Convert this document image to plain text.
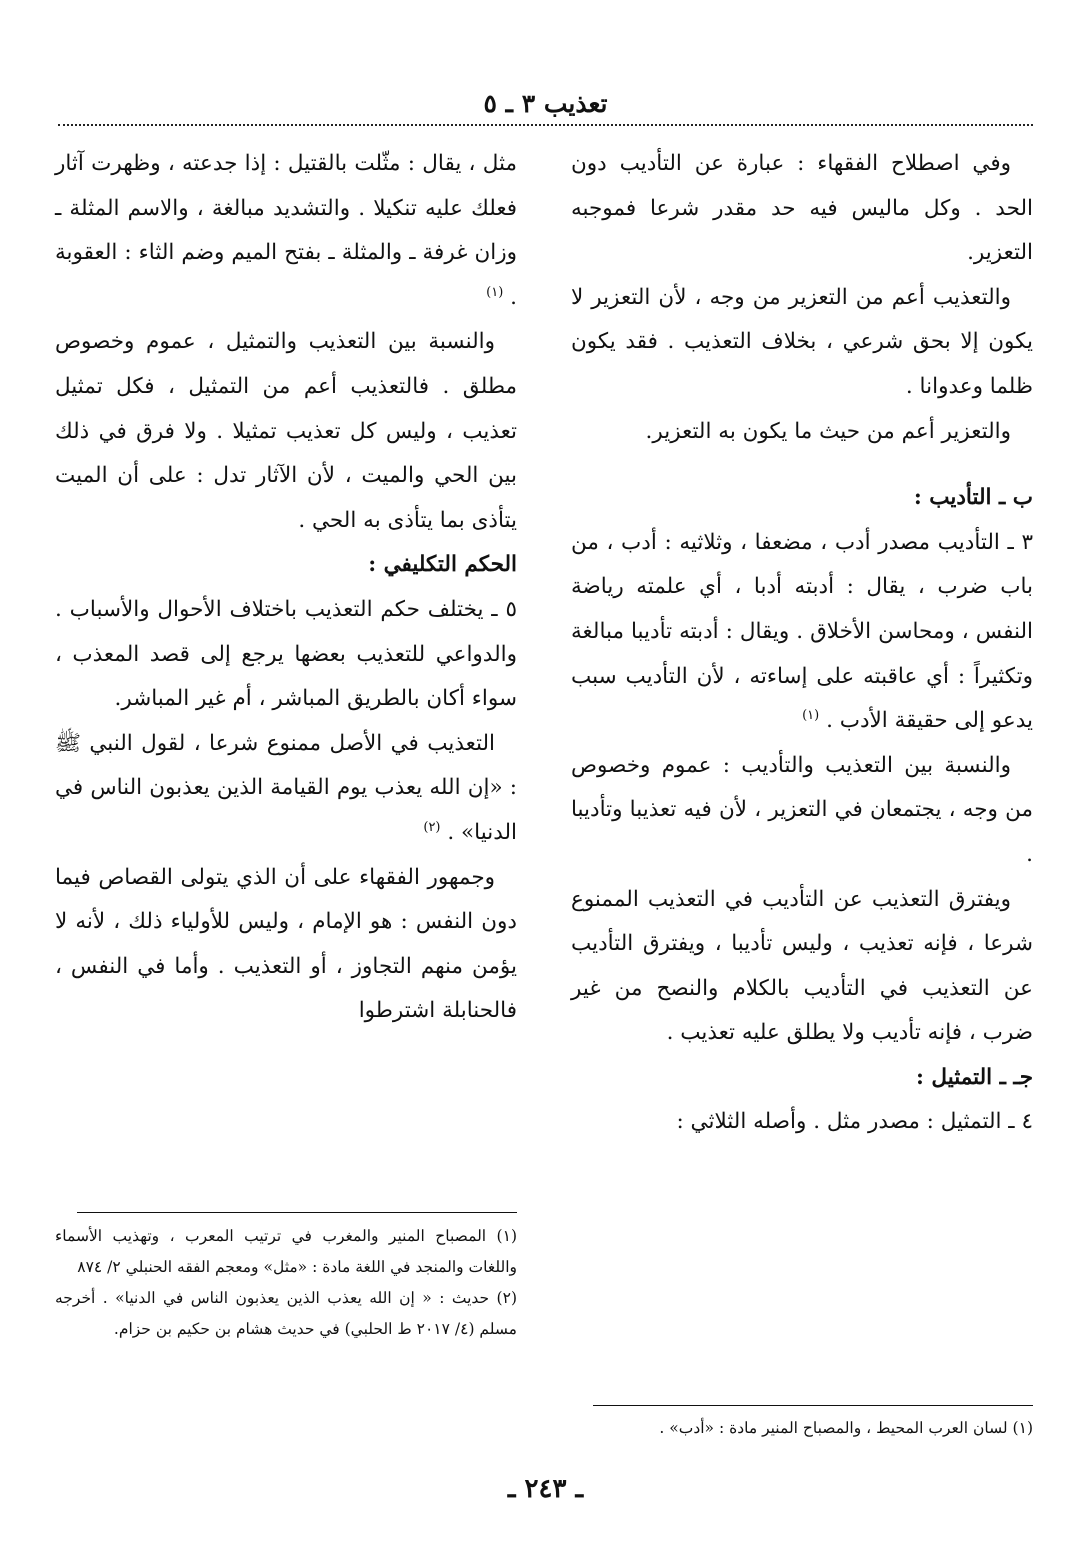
تعذيب ٣ ـ ٥

وفي اصطلاح الفقهاء : عبارة عن التأديب دون الحد . وكل ماليس فيه حد مقدر شرعا فموجبه التعزير.

والتعذيب أعم من التعزير من وجه ، لأن التعزير لا يكون إلا بحق شرعي ، بخلاف التعذيب . فقد يكون ظلما وعدوانا .

والتعزير أعم من حيث ما يكون به التعزير.

ب ـ التأديب :

٣ ـ التأديب مصدر أدب ، مضعفا ، وثلاثيه : أدب ، من باب ضرب ، يقال : أدبته أدبا ، أي علمته رياضة النفس ، ومحاسن الأخلاق . ويقال : أدبته تأديبا مبالغة وتكثيراً : أي عاقبته على إساءته ، لأن التأديب سبب يدعو إلى حقيقة الأدب . $^{(١)}$

والنسبة بين التعذيب والتأديب : عموم وخصوص من وجه ، يجتمعان في التعزير ، لأن فيه تعذيبا وتأديبا .

ويفترق التعذيب عن التأديب في التعذيب الممنوع شرعا ، فإنه تعذيب ، وليس تأديبا ، ويفترق التأديب عن التعذيب في التأديب بالكلام والنصح من غير ضرب ، فإنه تأديب ولا يطلق عليه تعذيب .

جـ ـ التمثيل :

٤ ـ التمثيل : مصدر مثل . وأصله الثلاثي :

مثل ، يقال : مثّلت بالقتيل : إذا جدعته ، وظهرت آثار فعلك عليه تنكيلا . والتشديد مبالغة ، والاسم المثلة ـ وزان غرفة ـ والمثلة ـ بفتح الميم وضم الثاء : العقوبة . $^{(١)}$

والنسبة بين التعذيب والتمثيل ، عموم وخصوص مطلق . فالتعذيب أعم من التمثيل ، فكل تمثيل تعذيب ، وليس كل تعذيب تمثيلا . ولا فرق في ذلك بين الحي والميت ، لأن الآثار تدل : على أن الميت يتأذى بما يتأذى به الحي .

الحكم التكليفي :

٥ ـ يختلف حكم التعذيب باختلاف الأحوال والأسباب . والدواعي للتعذيب بعضها يرجع إلى قصد المعذب ، سواء أكان بالطريق المباشر ، أم غير المباشر.

التعذيب في الأصل ممنوع شرعا ، لقول النبي ﷺ : «إن الله يعذب يوم القيامة الذين يعذبون الناس في الدنيا» . $^{(٢)}$

وجمهور الفقهاء على أن الذي يتولى القصاص فيما دون النفس : هو الإمام ، وليس للأولياء ذلك ، لأنه لا يؤمن منهم التجاوز ، أو التعذيب . وأما في النفس ، فالحنابلة اشترطوا

(١) لسان العرب المحيط ، والمصباح المنير مادة : «أدب» .

(١) المصباح المنير والمغرب في ترتيب المعرب ، وتهذيب الأسماء واللغات والمنجد في اللغة مادة : «مثل» ومعجم الفقه الحنبلي ٢/ ٨٧٤

(٢) حديث : « إن الله يعذب الذين يعذبون الناس في الدنيا» . أخرجه مسلم (٤/ ٢٠١٧ ط الحلبي) في حديث هشام بن حكيم بن حزام.

ـ ٢٤٣ ـ
